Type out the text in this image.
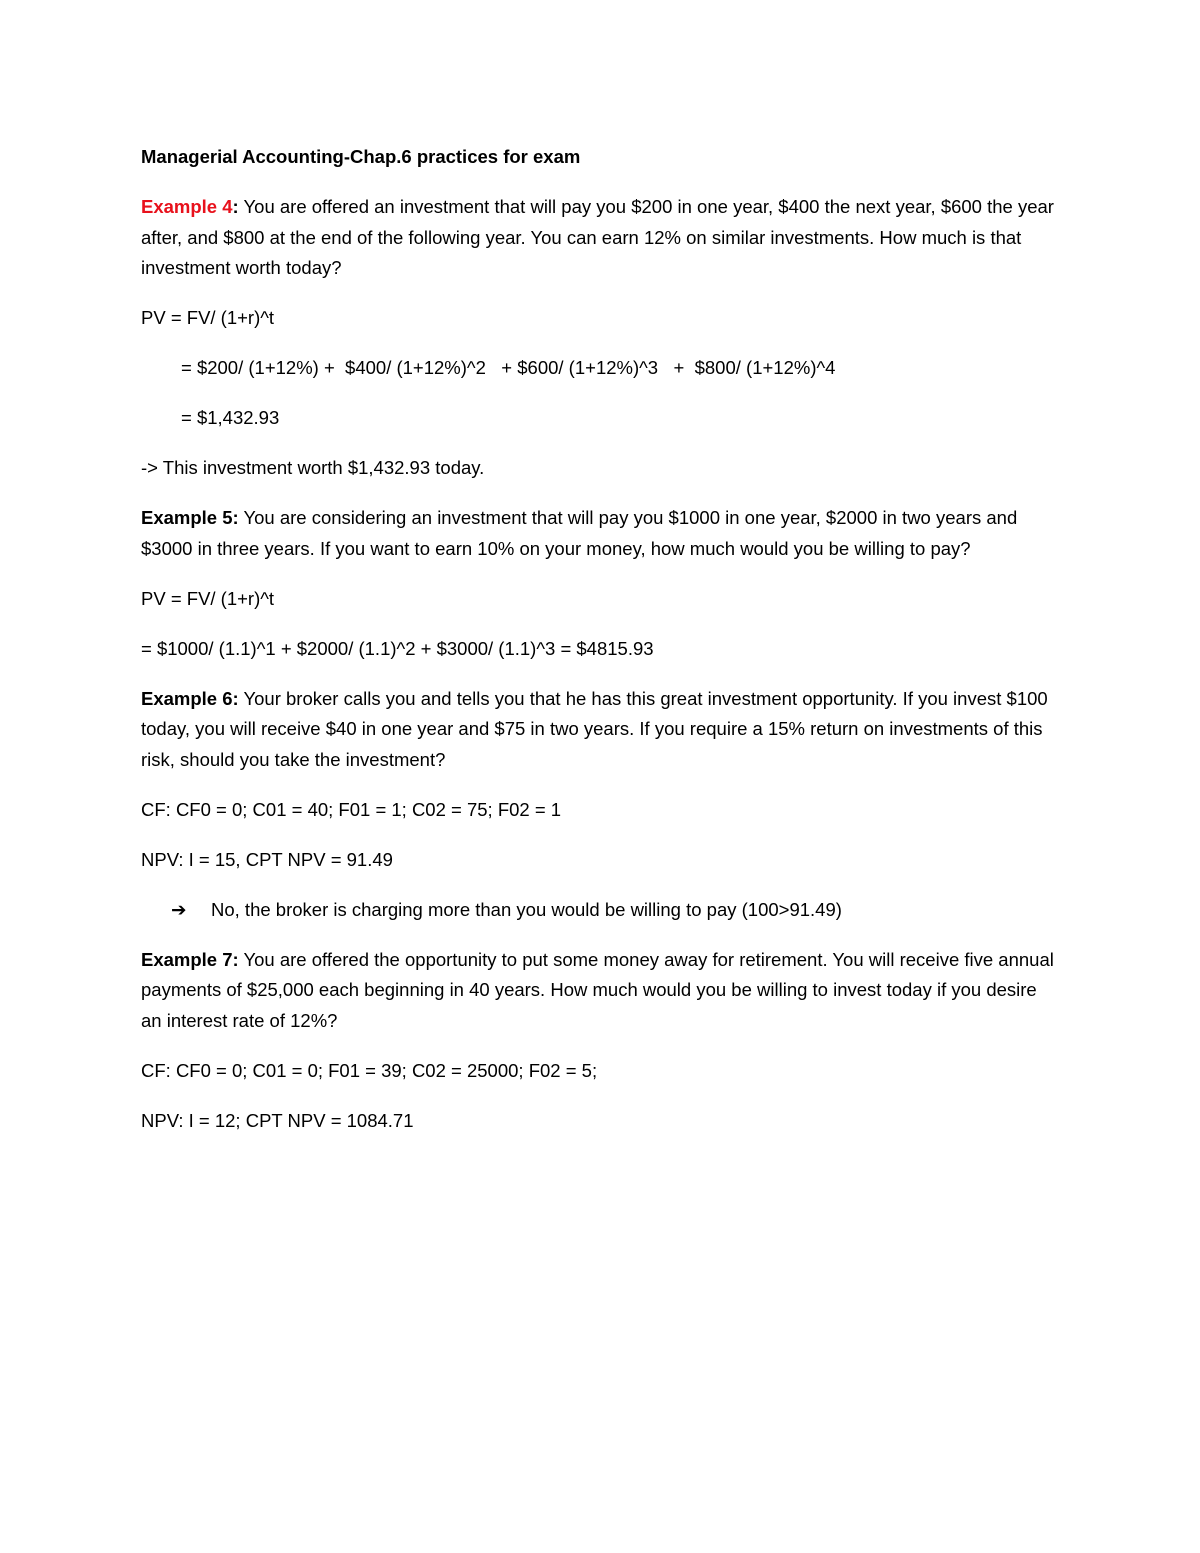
Managerial Accounting-Chap.6 practices for exam

Example 4: You are offered an investment that will pay you $200 in one year, $400 the next year, $600 the year after, and $800 at the end of the following year. You can earn 12% on similar investments. How much is that investment worth today?

PV = FV/ (1+r)^t

= $200/ (1+12%) +  $400/ (1+12%)^2   + $600/ (1+12%)^3   +  $800/ (1+12%)^4

= $1,432.93

-> This investment worth $1,432.93 today.

Example 5: You are considering an investment that will pay you $1000 in one year, $2000 in two years and $3000 in three years. If you want to earn 10% on your money, how much would you be willing to pay?

PV = FV/ (1+r)^t

= $1000/ (1.1)^1 + $2000/ (1.1)^2 + $3000/ (1.1)^3 = $4815.93

Example 6: Your broker calls you and tells you that he has this great investment opportunity. If you invest $100 today, you will receive $40 in one year and $75 in two years. If you require a 15% return on investments of this risk, should you take the investment?

CF: CF0 = 0; C01 = 40; F01 = 1; C02 = 75; F02 = 1

NPV: I = 15, CPT NPV = 91.49

➔ No, the broker is charging more than you would be willing to pay (100>91.49)

Example 7: You are offered the opportunity to put some money away for retirement. You will receive five annual payments of $25,000 each beginning in 40 years. How much would you be willing to invest today if you desire an interest rate of 12%?

CF: CF0 = 0; C01 = 0; F01 = 39; C02 = 25000; F02 = 5;

NPV: I = 12; CPT NPV = 1084.71
